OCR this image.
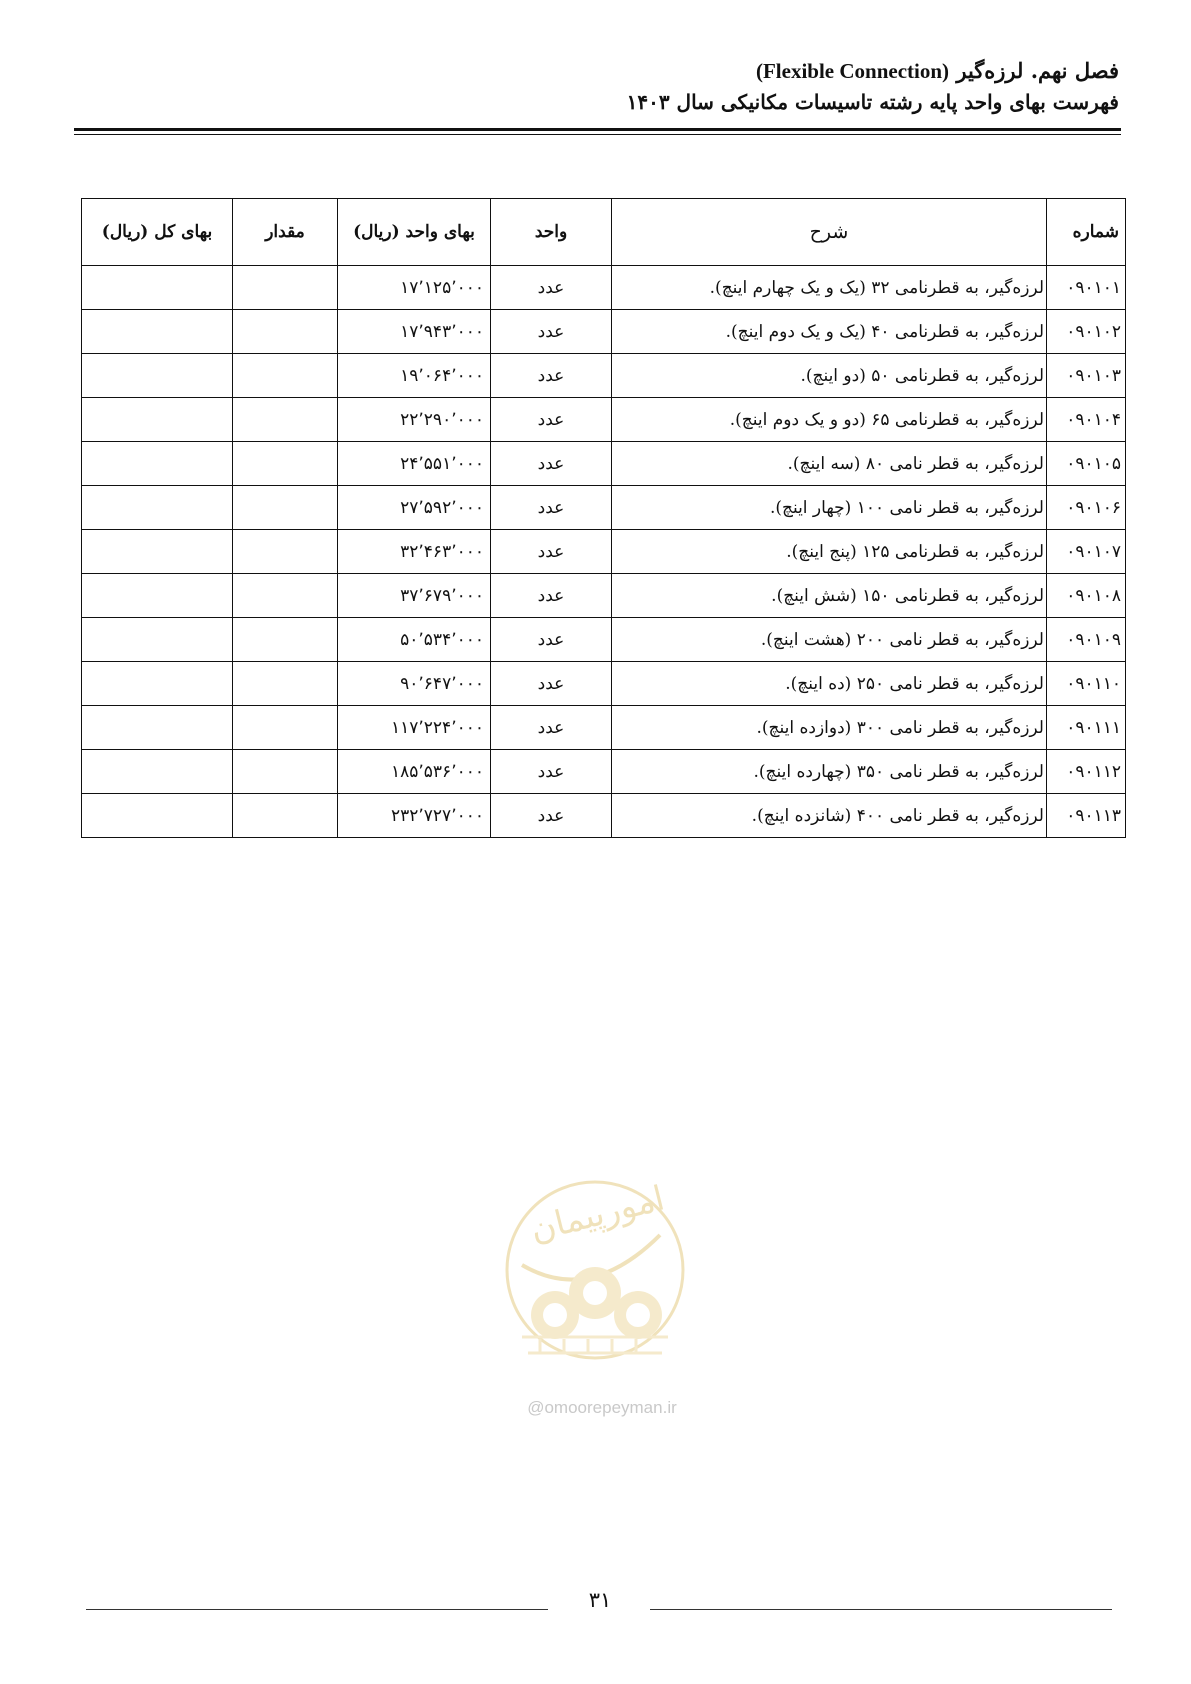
فصل نهم. لرزه‌گیر (Flexible Connection)
فهرست بهای واحد پایه رشته تاسیسات مکانیکی سال ۱۴۰۳
شماره	شرح	واحد	بهای واحد (ریال)	مقدار	بهای کل (ریال)
۰۹۰۱۰۱	لرزه‌گیر، به قطرنامی ۳۲ (یک و یک چهارم اینچ).	عدد	۱۷٬۱۲۵٬۰۰۰		
۰۹۰۱۰۲	لرزه‌گیر، به قطرنامی ۴۰ (یک و یک دوم اینچ).	عدد	۱۷٬۹۴۳٬۰۰۰		
۰۹۰۱۰۳	لرزه‌گیر، به قطرنامی ۵۰ (دو اینچ).	عدد	۱۹٬۰۶۴٬۰۰۰		
۰۹۰۱۰۴	لرزه‌گیر، به قطرنامی ۶۵ (دو و یک دوم اینچ).	عدد	۲۲٬۲۹۰٬۰۰۰		
۰۹۰۱۰۵	لرزه‌گیر، به قطر نامی ۸۰ (سه اینچ).	عدد	۲۴٬۵۵۱٬۰۰۰		
۰۹۰۱۰۶	لرزه‌گیر، به قطر نامی ۱۰۰ (چهار اینچ).	عدد	۲۷٬۵۹۲٬۰۰۰		
۰۹۰۱۰۷	لرزه‌گیر، به قطرنامی ۱۲۵ (پنج اینچ).	عدد	۳۲٬۴۶۳٬۰۰۰		
۰۹۰۱۰۸	لرزه‌گیر، به قطرنامی ۱۵۰ (شش اینچ).	عدد	۳۷٬۶۷۹٬۰۰۰		
۰۹۰۱۰۹	لرزه‌گیر، به قطر نامی ۲۰۰ (هشت اینچ).	عدد	۵۰٬۵۳۴٬۰۰۰		
۰۹۰۱۱۰	لرزه‌گیر، به قطر نامی ۲۵۰ (ده اینچ).	عدد	۹۰٬۶۴۷٬۰۰۰		
۰۹۰۱۱۱	لرزه‌گیر، به قطر نامی ۳۰۰ (دوازده اینچ).	عدد	۱۱۷٬۲۲۴٬۰۰۰		
۰۹۰۱۱۲	لرزه‌گیر، به قطر نامی ۳۵۰ (چهارده اینچ).	عدد	۱۸۵٬۵۳۶٬۰۰۰		
۰۹۰۱۱۳	لرزه‌گیر، به قطر نامی ۴۰۰ (شانزده اینچ).	عدد	۲۳۲٬۷۲۷٬۰۰۰		
امورپیمان
@omoorepeyman.ir
۳۱
